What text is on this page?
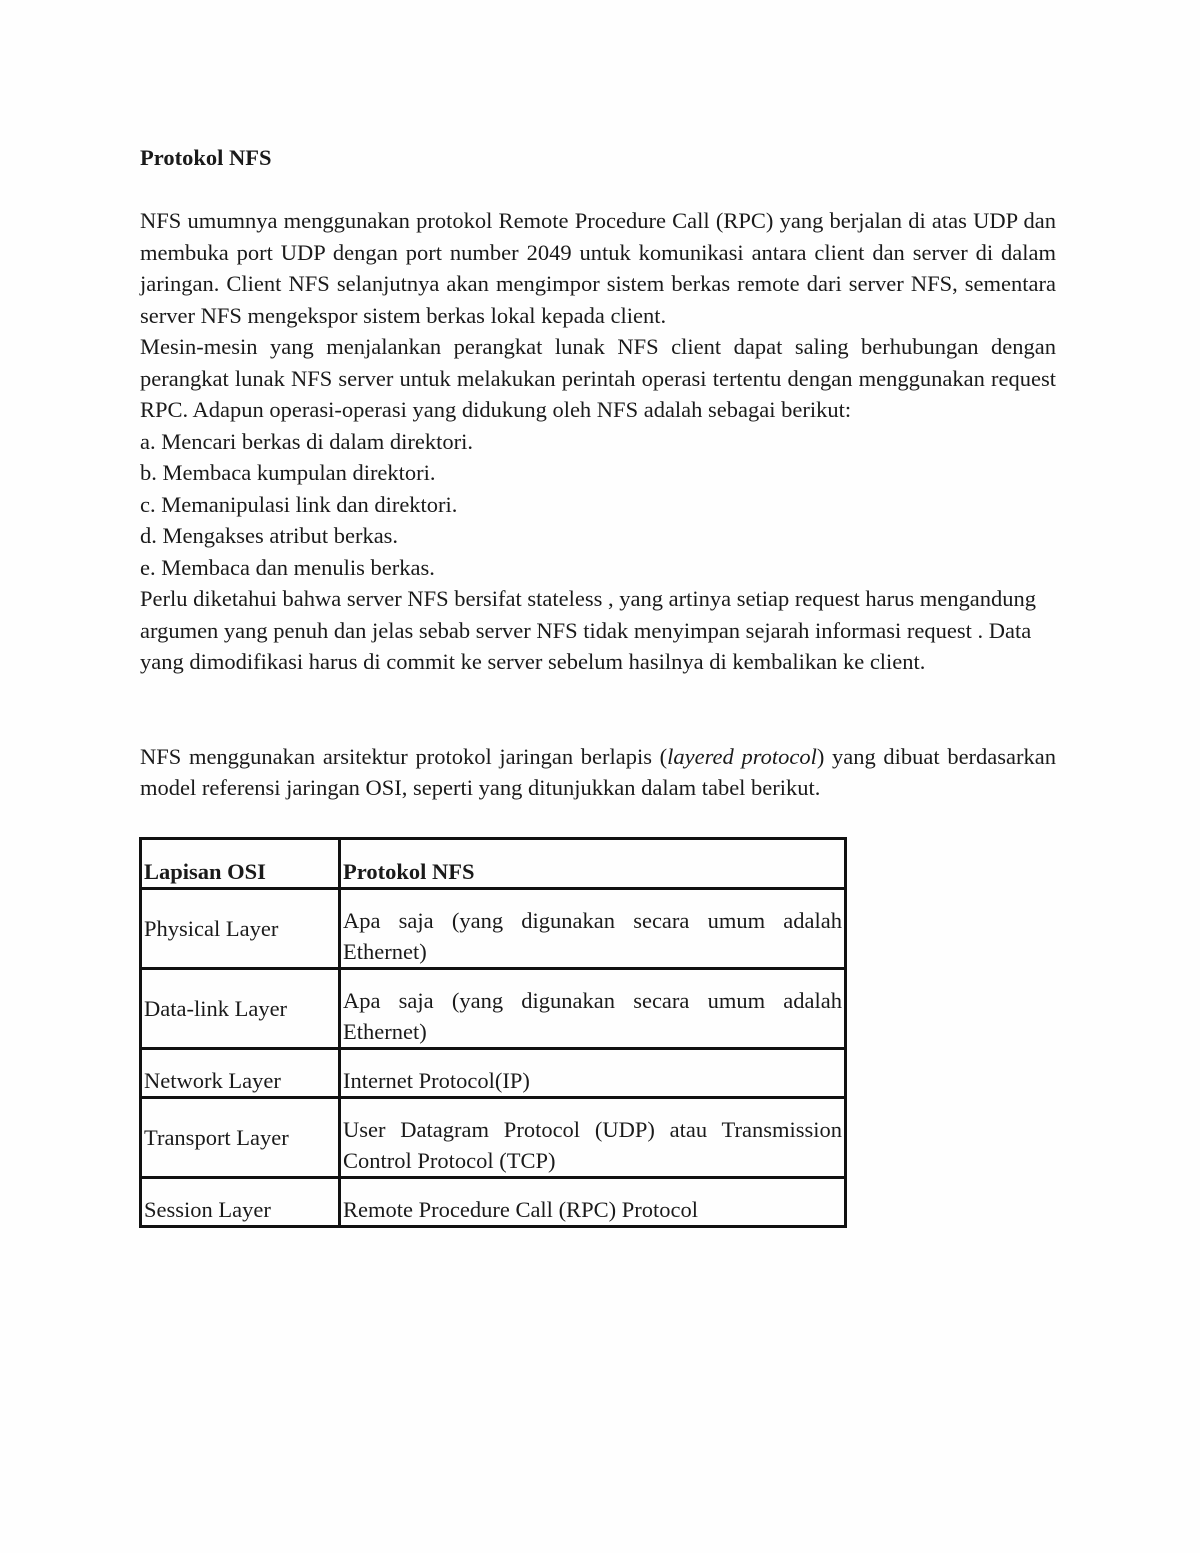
Protokol NFS

NFS umumnya menggunakan protokol Remote Procedure Call (RPC) yang berjalan di atas UDP dan membuka port UDP dengan port number 2049 untuk komunikasi antara client dan server di dalam jaringan. Client NFS selanjutnya akan mengimpor sistem berkas remote dari server NFS, sementara server NFS mengekspor sistem berkas lokal kepada client.

Mesin-mesin yang menjalankan perangkat lunak NFS client dapat saling berhubungan dengan perangkat lunak NFS server untuk melakukan perintah operasi tertentu dengan menggunakan request RPC. Adapun operasi-operasi yang didukung oleh NFS adalah sebagai berikut:

a. Mencari berkas di dalam direktori.
b. Membaca kumpulan direktori.
c. Memanipulasi link dan direktori.
d. Mengakses atribut berkas.
e. Membaca dan menulis berkas.

Perlu diketahui bahwa server NFS bersifat stateless , yang artinya setiap request harus mengandung argumen yang penuh dan jelas sebab server NFS tidak menyimpan sejarah informasi request . Data yang dimodifikasi harus di commit ke server sebelum hasilnya di kembalikan ke client.

NFS menggunakan arsitektur protokol jaringan berlapis (layered protocol) yang dibuat berdasarkan model referensi jaringan OSI, seperti yang ditunjukkan dalam tabel berikut.

Lapisan OSI	Protokol NFS
Physical Layer	Apa saja (yang digunakan secara umum adalah Ethernet)
Data-link Layer	Apa saja (yang digunakan secara umum adalah Ethernet)
Network Layer	Internet Protocol(IP)
Transport Layer	User Datagram Protocol (UDP) atau Transmission Control Protocol (TCP)
Session Layer	Remote Procedure Call (RPC) Protocol
